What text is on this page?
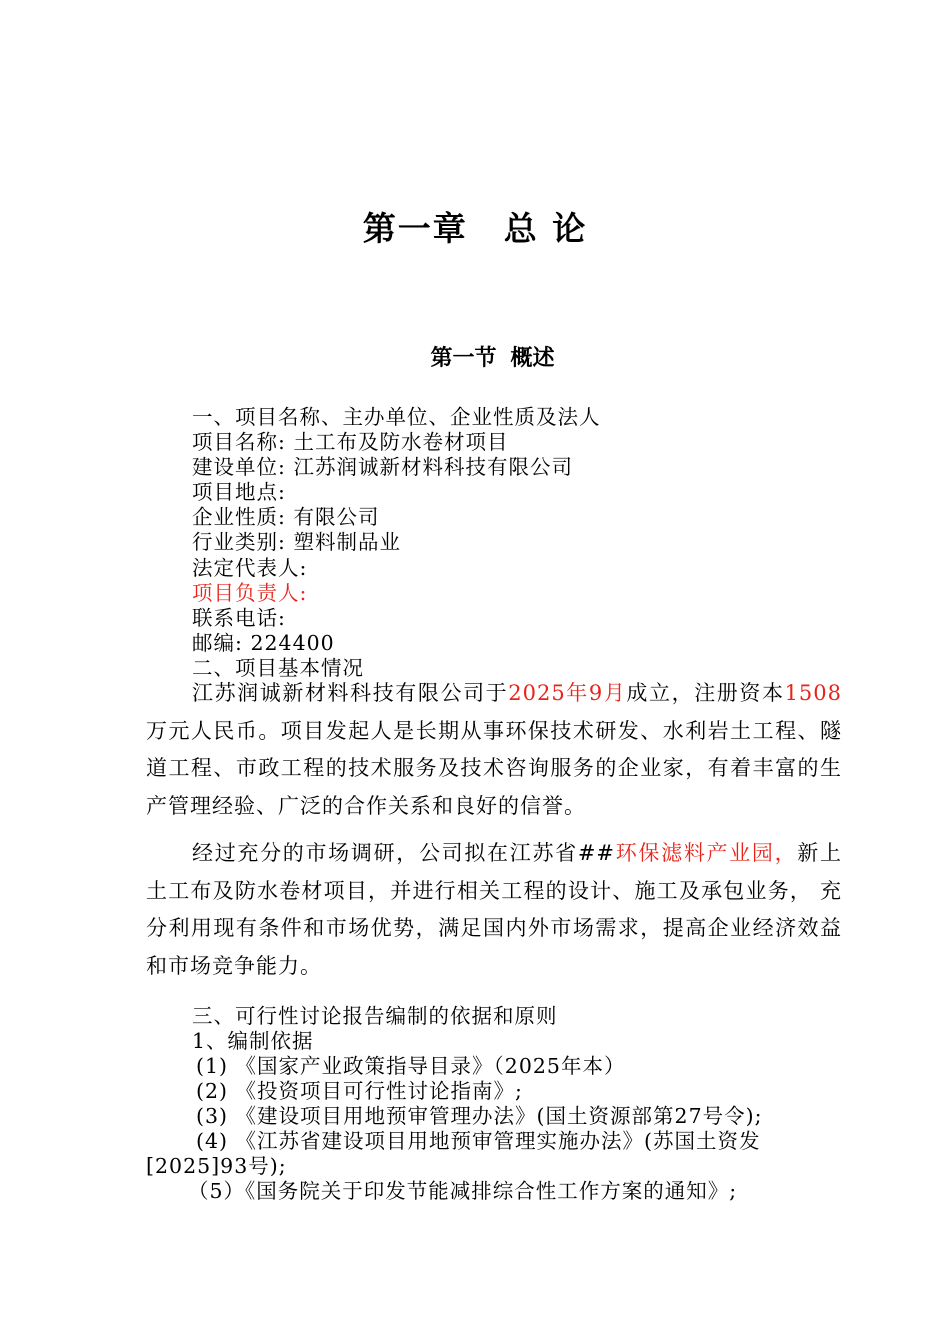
第一章 总 论
第一节 概述
一、项目名称、主办单位、企业性质及法人
项目名称: 土工布及防水卷材项目
建设单位: 江苏润诚新材料科技有限公司
项目地点:
企业性质: 有限公司
行业类别: 塑料制品业
法定代表人:
项目负责人:
联系电话:
邮编: 224400
二、项目基本情况
江苏润诚新材料科技有限公司于2025年9月成立，注册资本1508万元人民币。项目发起人是长期从事环保技术研发、水利岩土工程、隧道工程、市政工程的技术服务及技术咨询服务的企业家，有着丰富的生产管理经验、广泛的合作关系和良好的信誉。
经过充分的市场调研，公司拟在江苏省##环保滤料产业园，新上土工布及防水卷材项目，并进行相关工程的设计、施工及承包业务， 充分利用现有条件和市场优势，满足国内外市场需求，提高企业经济效益和市场竞争能力。
三、可行性讨论报告编制的依据和原则
1、编制依据
(1) 《国家产业政策指导目录》（2025年本）
(2) 《投资项目可行性讨论指南》;
(3) 《建设项目用地预审管理办法》(国土资源部第27号令);
(4) 《江苏省建设项目用地预审管理实施办法》(苏国土资发
[2025]93号);
（5）《国务院关于印发节能减排综合性工作方案的通知》;
